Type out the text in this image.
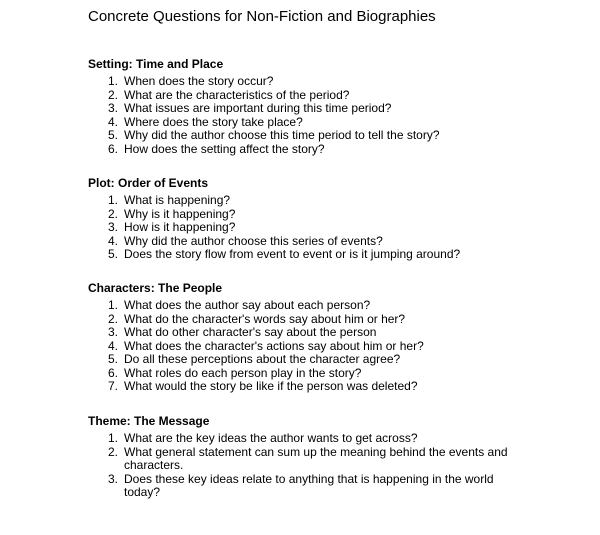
Concrete Questions for Non-Fiction and Biographies
Setting: Time and Place
1. When does the story occur?
2. What are the characteristics of the period?
3. What issues are important during this time period?
4. Where does the story take place?
5. Why did the author choose this time period to tell the story?
6. How does the setting affect the story?
Plot: Order of Events
1. What is happening?
2. Why is it happening?
3. How is it happening?
4. Why did the author choose this series of events?
5. Does the story flow from event to event or is it jumping around?
Characters: The People
1. What does the author say about each person?
2. What do the character's words say about him or her?
3. What do other character's say about the person
4. What does the character's actions say about him or her?
5. Do all these perceptions about the character agree?
6. What roles do each person play in the story?
7. What would the story be like if the person was deleted?
Theme: The Message
1. What are the key ideas the author wants to get across?
2. What general statement can sum up the meaning behind the events and characters.
3. Does these key ideas relate to anything that is happening in the world today?
